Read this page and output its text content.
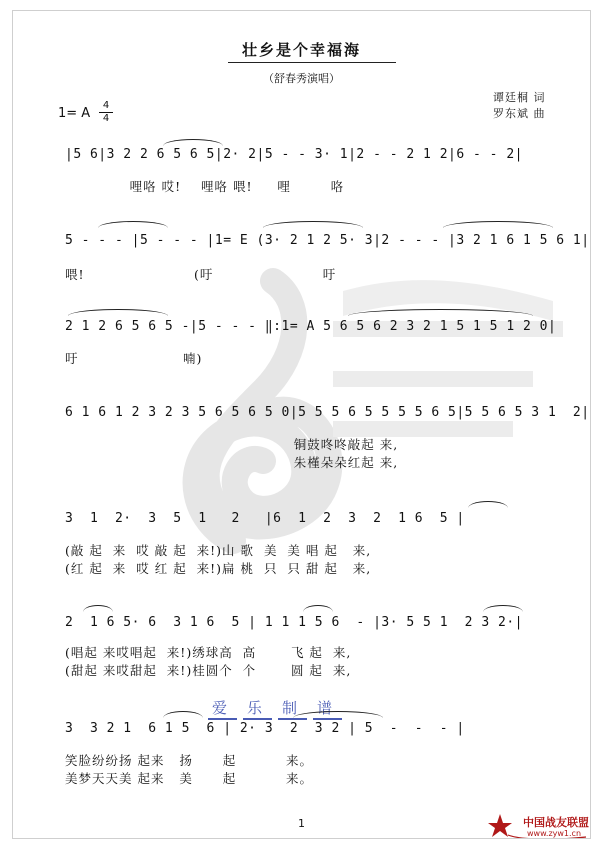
壮乡是个幸福海
（舒春秀演唱）
谭廷桐 词
罗东斌 曲
1= A
4
4
|5 6|3 2 2 6 5 6 5|2· 2|5 - - 3· 1|2 - - 2 1 2|6 - - 2|
哩咯 哎!    哩咯 喂!     哩        咯
5 - - - |5 - - - |1= E (3· 2 1 2 5· 3|2 - - - |3 2 1 6 1 5 6 1|
喂!                      (吁                      吁
2 1 2 6 5 6 5 -|5 - - - ‖:1= A 5 6 5 6 2 3 2 1 5 1 5 1 2 0|
吁                     喃)
6 1 6 1 2 3 2 3 5 6 5 6 5 0|5 5 5 6 5 5 5 5 6 5|5 5 6 5 3 1  2|
铜鼓咚咚敲起 来,
朱槿朵朵红起 来,
3  1  2·  3  5  1   2   |6  1  2  3  2  1 6  5 |
(敲 起  来  哎 敲 起  来!)山 歌  美  美 唱 起   来,
(红 起  来  哎 红 起  来!)扁 桃  只  只 甜 起   来,
2  1 6 5· 6  3 1 6  5 | 1 1 1 5 6  - |3· 5 5 1  2 3 2·|
(唱起 来哎唱起  来!)绣球高  高       飞 起  来,
(甜起 来哎甜起  来!)桂圆个  个       圆 起  来,
爱 乐 制 谱
3  3 2 1  6 1 5  6 | 2· 3  2  3 2 | 5  -  -  - |
笑脸纷纷扬 起来   扬      起          来。
美梦天天美 起来   美      起          来。
1	中国战友联盟
www.zyw1.cn
